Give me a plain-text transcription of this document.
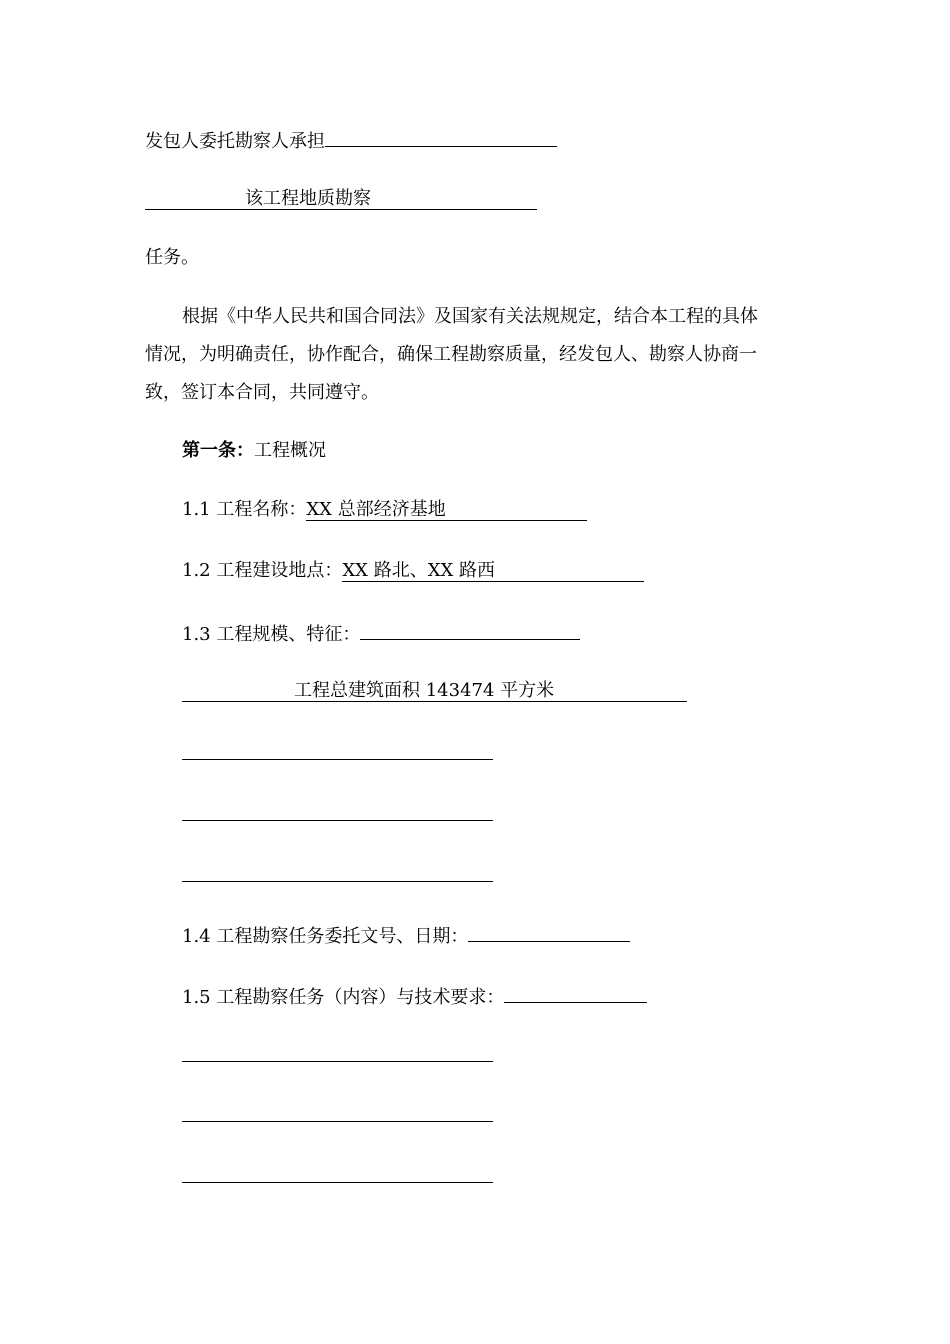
发包人委托勘察人承担
该工程地质勘察
任务。
根据《中华人民共和国合同法》及国家有关法规规定，结合本工程的具体
情况，为明确责任，协作配合，确保工程勘察质量，经发包人、勘察人协商一
致，签订本合同，共同遵守。
第一条：工程概况
1.1 工程名称：XX 总部经济基地
1.2 工程建设地点：XX 路北、XX 路西
1.3 工程规模、特征：
工程总建筑面积 143474 平方米
1.4 工程勘察任务委托文号、日期：
1.5 工程勘察任务（内容）与技术要求：
